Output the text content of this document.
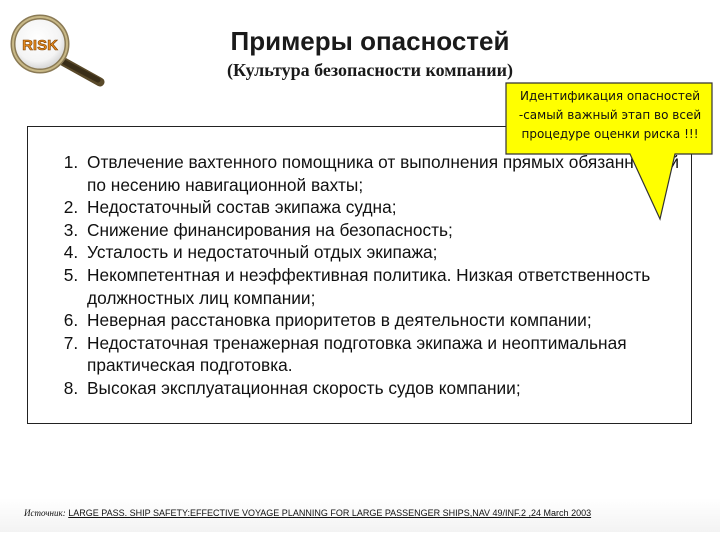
RISK	Примеры опасностей
(Культура безопасности компании)
1. Отвлечение вахтенного помощника от выполнения прямых обязанностей по несению навигационной вахты;
2. Недостаточный состав экипажа судна;
3. Снижение финансирования на безопасность;
4. Усталость и недостаточный отдых экипажа;
5. Некомпетентная и неэффективная политика. Низкая ответственность должностных лиц компании;
6. Неверная расстановка приоритетов в деятельности компании;
7. Недостаточная тренажерная подготовка экипажа и неоптимальная практическая подготовка.
8. Высокая эксплуатационная скорость судов компании;
Идентификация опасностей
-самый важный этап во всей
процедуре оценки риска !!!
Источник: LARGE PASS. SHIP SAFETY:EFFECTIVE VOYAGE PLANNING FOR LARGE PASSENGER SHIPS,NAV 49/INF.2 ,24 March 2003
